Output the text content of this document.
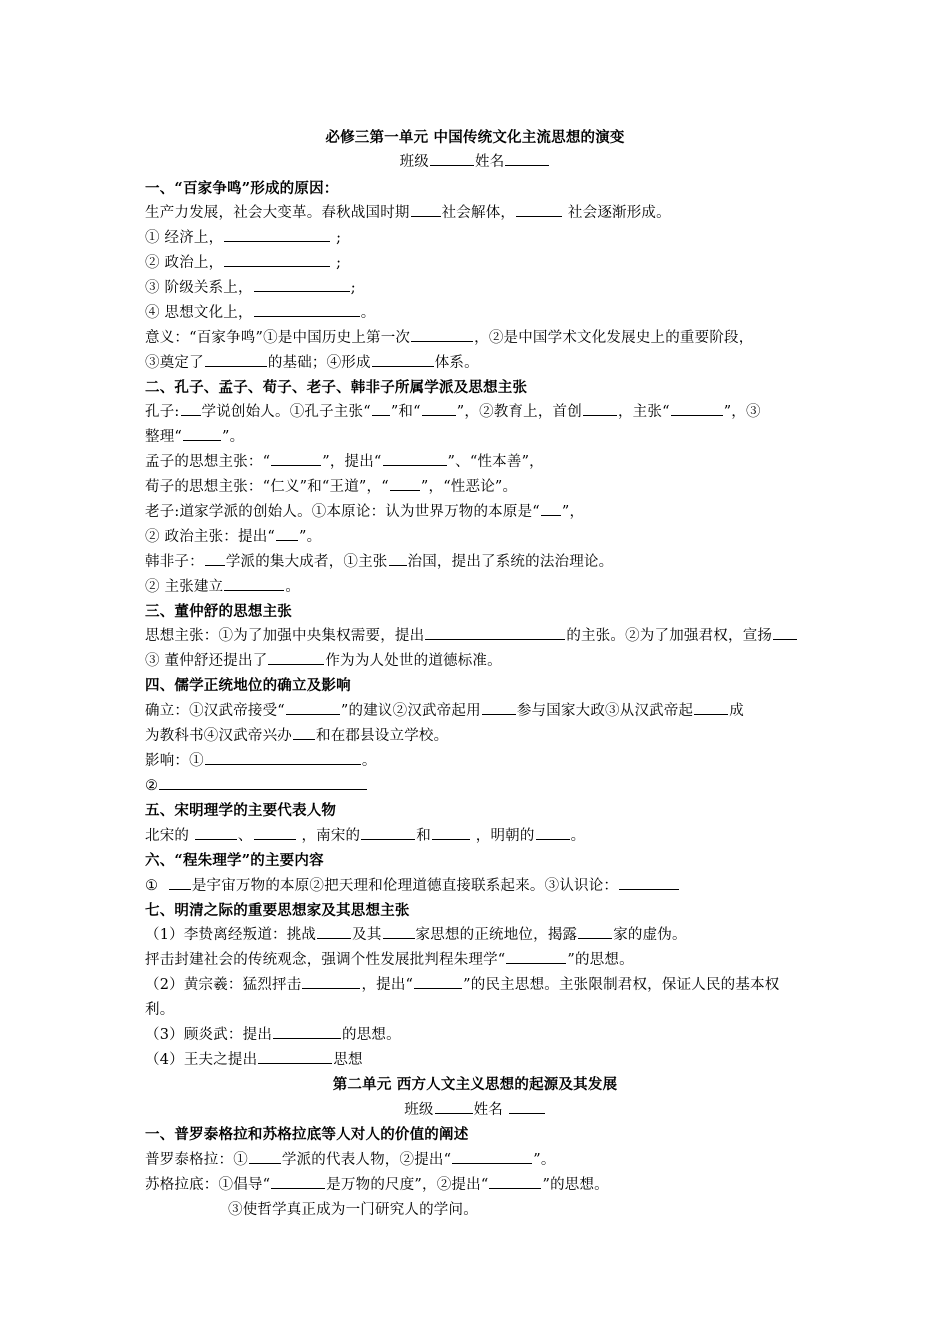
必修三第一单元 中国传统文化主流思想的演变
班级	姓名
一、“百家争鸣”形成的原因：
生产力发展，社会大变革。春秋战国时期 社会解体，	社会逐渐形成。
① 经济上，	;
② 政治上，	;
③ 阶级关系上，	;
④ 思想文化上，	。
意义：“百家争鸣”①是中国历史上第一次	，②是中国学术文化发展史上的重要阶段，
③奠定了	的基础；④形成	体系。
二、孔子、孟子、荀子、老子、韩非子所属学派及思想主张
孔子: 学说创始人。①孔子主张“ ”和“ ”，②教育上，首创 ，主张“	”，③
整理“	”。
孟子的思想主张：“	”，提出“	”、“性本善”，
荀子的思想主张：“仁义”和“王道”，“ ”，“性恶论”。
老子:道家学派的创始人。①本原论：认为世界万物的本原是“ ”，
② 政治主张：提出“ ”。
韩非子： 学派的集大成者，①主张 治国，提出了系统的法治理论。
② 主张建立	。
三、董仲舒的思想主张
思想主张：①为了加强中央集权需要，提出	的主张。②为了加强君权，宣扬
③ 董仲舒还提出了	作为为人处世的道德标准。
四、儒学正统地位的确立及影响
确立：①汉武帝接受“	”的建议②汉武帝起用 参与国家大政③从汉武帝起 成
为教科书④汉武帝兴办 和在郡县设立学校。
影响：①	。
②
五、宋明理学的主要代表人物
北宋的	、	，南宋的	和	，明朝的 。
六、“程朱理学”的主要内容
① 是宇宙万物的本原②把天理和伦理道德直接联系起来。③认识论：
七、明清之际的重要思想家及其思想主张
（1）李贽离经叛道：挑战 及其 家思想的正统地位，揭露 家的虚伪。
抨击封建社会的传统观念，强调个性发展批判程朱理学“	”的思想。
（2）黄宗羲：猛烈抨击	，提出“	”的民主思想。主张限制君权，保证人民的基本权
利。
（3）顾炎武：提出	的思想。
（4）王夫之提出	思想
第二单元 西方人文主义思想的起源及其发展
班级	姓名
一、普罗泰格拉和苏格拉底等人对人的价值的阐述
普罗泰格拉：① 学派的代表人物，②提出“	”。
苏格拉底：①倡导“	是万物的尺度”，②提出“	”的思想。
③使哲学真正成为一门研究人的学问。
